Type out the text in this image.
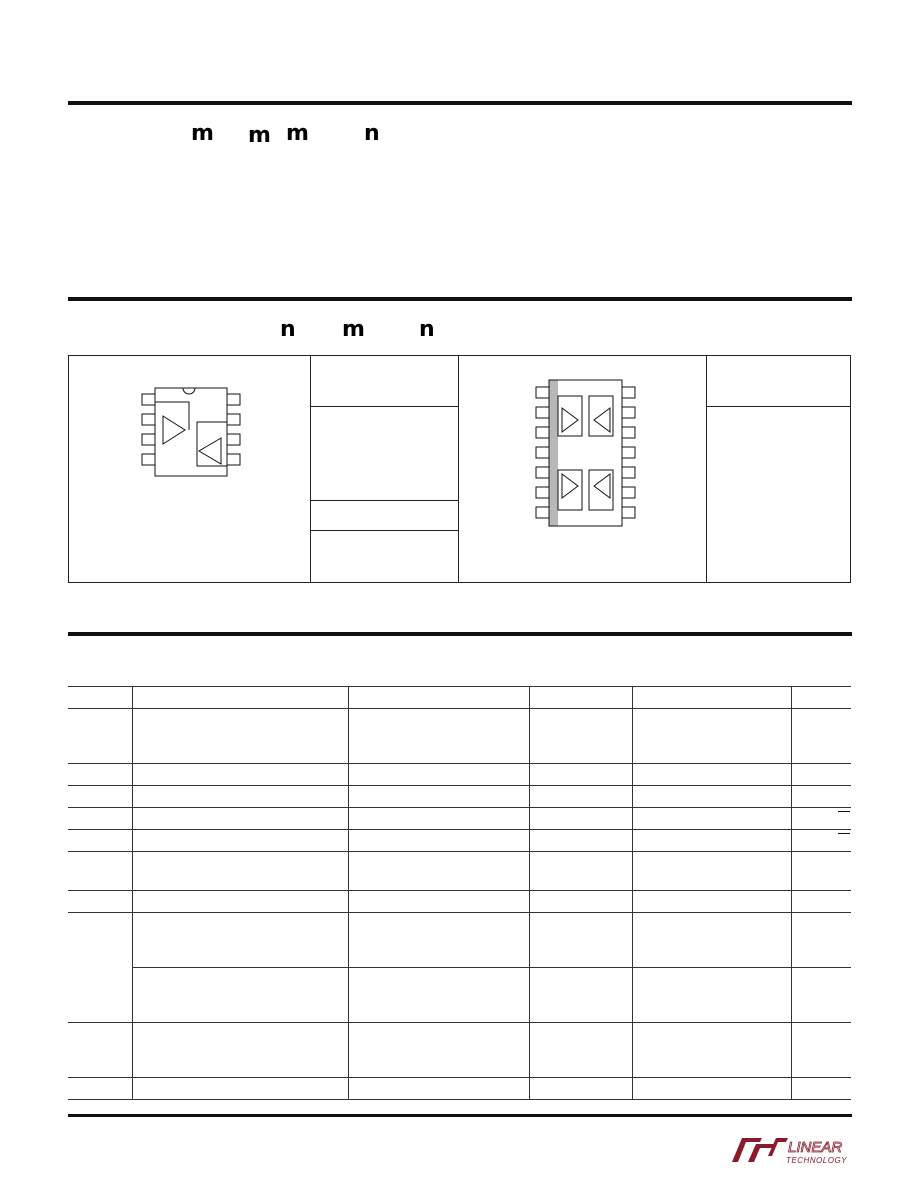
m m m	n
n m n
LINEAR
TECHNOLOGY
